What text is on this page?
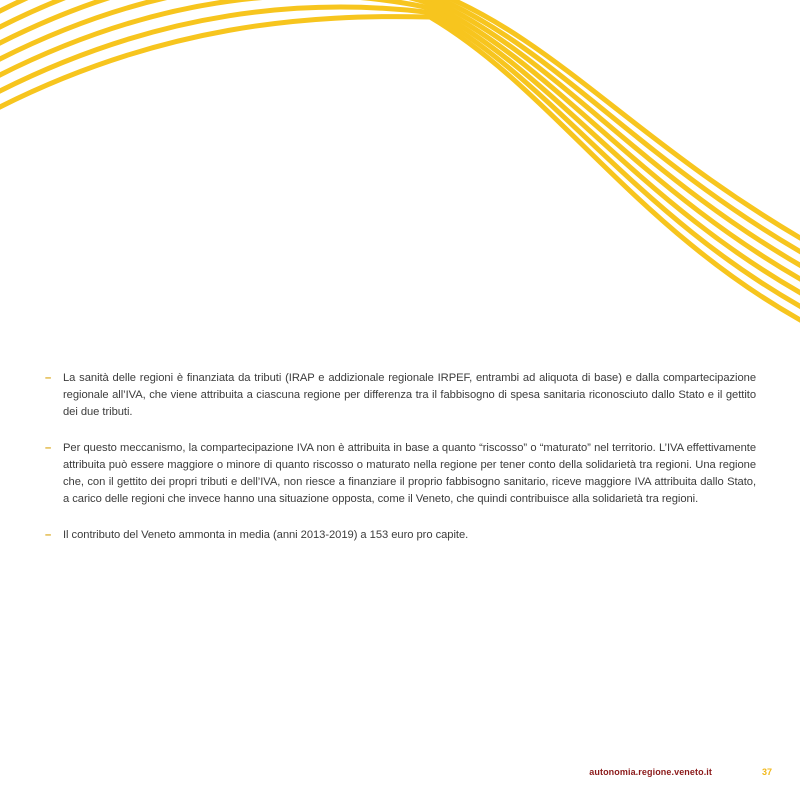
– La sanità delle regioni è finanziata da tributi (IRAP e addizionale regionale IRPEF, entrambi ad aliquota di base) e dalla compartecipazione regionale all’IVA, che viene attribuita a ciascuna regione per differenza tra il fabbisogno di spesa sanitaria riconosciuto dallo Stato e il gettito dei due tributi.
– Per questo meccanismo, la compartecipazione IVA non è attribuita in base a quanto “riscosso” o “maturato” nel territorio. L’IVA effettivamente attribuita può essere maggiore o minore di quanto riscosso o maturato nella regione per tener conto della solidarietà tra regioni. Una regione che, con il gettito dei propri tributi e dell’IVA, non riesce a finanziare il proprio fabbisogno sanitario, riceve maggiore IVA attribuita dallo Stato, a carico delle regioni che invece hanno una situazione opposta, come il Veneto, che quindi contribuisce alla solidarietà tra regioni.
– Il contributo del Veneto ammonta in media (anni 2013-2019) a 153 euro pro capite.
autonomia.regione.veneto.it	37
